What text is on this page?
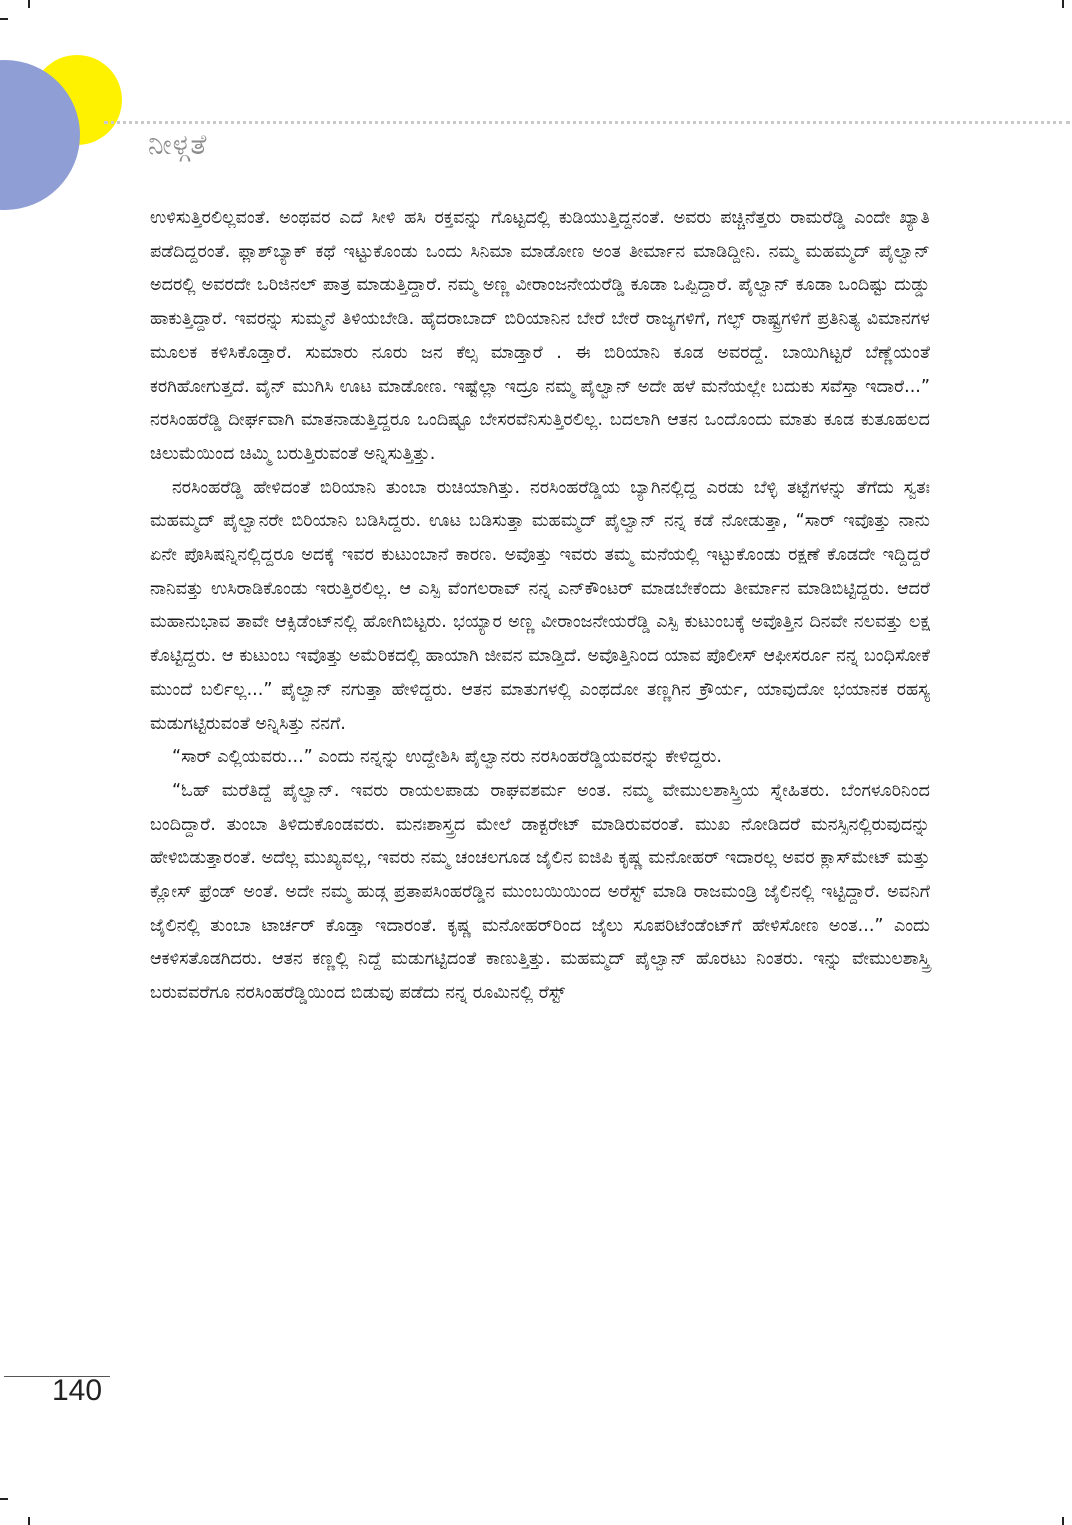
ನೀಳ್ಗತೆ

ಉಳಿಸುತ್ತಿರಲಿಲ್ಲವಂತೆ. ಅಂಥವರ ಎದೆ ಸೀಳಿ ಹಸಿ ರಕ್ತವನ್ನು ಗೊಟ್ಟದಲ್ಲಿ ಕುಡಿಯುತ್ತಿದ್ದನಂತೆ. ಅವರು ಪಚ್ಚಿನೆತ್ತರು ರಾಮರೆಡ್ಡಿ ಎಂದೇ ಖ್ಯಾತಿ ಪಡೆದಿದ್ದರಂತೆ. ಫ್ಲಾಶ್‌ಬ್ಯಾಕ್ ಕಥೆ ಇಟ್ಟುಕೊಂಡು ಒಂದು ಸಿನಿಮಾ ಮಾಡೋಣ ಅಂತ ತೀರ್ಮಾನ ಮಾಡಿದ್ದೀನಿ. ನಮ್ಮ ಮಹಮ್ಮದ್ ಪೈಲ್ವಾನ್ ಅದರಲ್ಲಿ ಅವರದೇ ಒರಿಜಿನಲ್ ಪಾತ್ರ ಮಾಡುತ್ತಿದ್ದಾರೆ. ನಮ್ಮ ಅಣ್ಣ ವೀರಾಂಜನೇಯರೆಡ್ಡಿ ಕೂಡಾ ಒಪ್ಪಿದ್ದಾರೆ. ಪೈಲ್ವಾನ್ ಕೂಡಾ ಒಂದಿಷ್ಟು ದುಡ್ಡು ಹಾಕುತ್ತಿದ್ದಾರೆ. ಇವರನ್ನು ಸುಮ್ಮನೆ ತಿಳಿಯಬೇಡಿ. ಹೈದರಾಬಾದ್ ಬಿರಿಯಾನಿನ ಬೇರೆ ಬೇರೆ ರಾಜ್ಯಗಳಿಗೆ, ಗಲ್ಫ್ ರಾಷ್ಟ್ರಗಳಿಗೆ ಪ್ರತಿನಿತ್ಯ ವಿಮಾನಗಳ ಮೂಲಕ ಕಳಿಸಿಕೊಡ್ತಾರೆ. ಸುಮಾರು ನೂರು ಜನ ಕೆಲ್ಸ ಮಾಡ್ತಾರೆ . ಈ ಬಿರಿಯಾನಿ ಕೂಡ ಅವರದ್ದೆ. ಬಾಯಿಗಿಟ್ಟರೆ ಬೆಣ್ಣೆಯಂತೆ ಕರಗಿಹೋಗುತ್ತದೆ. ವೈನ್ ಮುಗಿಸಿ ಊಟ ಮಾಡೋಣ. ಇಷ್ಟೆಲ್ಲಾ ಇದ್ರೂ ನಮ್ಮ ಪೈಲ್ವಾನ್ ಅದೇ ಹಳೆ ಮನೆಯಲ್ಲೇ ಬದುಕು ಸವೆಸ್ತಾ ಇದಾರೆ...” ನರಸಿಂಹರೆಡ್ಡಿ ದೀರ್ಘವಾಗಿ ಮಾತನಾಡುತ್ತಿದ್ದರೂ ಒಂದಿಷ್ಟೂ ಬೇಸರವೆನಿಸುತ್ತಿರಲಿಲ್ಲ. ಬದಲಾಗಿ ಆತನ ಒಂದೊಂದು ಮಾತು ಕೂಡ ಕುತೂಹಲದ ಚಿಲುಮೆಯಿಂದ ಚಿಮ್ಮಿ ಬರುತ್ತಿರುವಂತೆ ಅನ್ನಿಸುತ್ತಿತ್ತು.

ನರಸಿಂಹರೆಡ್ಡಿ ಹೇಳಿದಂತೆ ಬಿರಿಯಾನಿ ತುಂಬಾ ರುಚಿಯಾಗಿತ್ತು. ನರಸಿಂಹರೆಡ್ಡಿಯ ಬ್ಯಾಗಿನಲ್ಲಿದ್ದ ಎರಡು ಬೆಳ್ಳಿ ತಟ್ಟೆಗಳನ್ನು ತೆಗೆದು ಸ್ವತಃ ಮಹಮ್ಮದ್ ಪೈಲ್ವಾನರೇ ಬಿರಿಯಾನಿ ಬಡಿಸಿದ್ದರು. ಊಟ ಬಡಿಸುತ್ತಾ ಮಹಮ್ಮದ್ ಪೈಲ್ವಾನ್ ನನ್ನ ಕಡೆ ನೋಡುತ್ತಾ, “ಸಾರ್ ಇವೊತ್ತು ನಾನು ಏನೇ ಪೊಸಿಷನ್ನಿನಲ್ಲಿದ್ದರೂ ಅದಕ್ಕೆ ಇವರ ಕುಟುಂಬಾನೆ ಕಾರಣ. ಅವೊತ್ತು ಇವರು ತಮ್ಮ ಮನೆಯಲ್ಲಿ ಇಟ್ಟುಕೊಂಡು ರಕ್ಷಣೆ ಕೊಡದೇ ಇದ್ದಿದ್ದರೆ ನಾನಿವತ್ತು ಉಸಿರಾಡಿಕೊಂಡು ಇರುತ್ತಿರಲಿಲ್ಲ. ಆ ಎಸ್ಪಿ ವೆಂಗಲರಾವ್ ನನ್ನ ಎನ್‌ಕೌಂಟರ್ ಮಾಡಬೇಕೆಂದು ತೀರ್ಮಾನ ಮಾಡಿಬಿಟ್ಟಿದ್ದರು. ಆದರೆ ಮಹಾನುಭಾವ ತಾವೇ ಆಕ್ಸಿಡೆಂಟ್‌ನಲ್ಲಿ ಹೋಗಿಬಿಟ್ಟರು. ಭಯ್ಯಾರ ಅಣ್ಣ ವೀರಾಂಜನೇಯರೆಡ್ಡಿ ಎಸ್ಪಿ ಕುಟುಂಬಕ್ಕೆ ಅವೊತ್ತಿನ ದಿನವೇ ನಲವತ್ತು ಲಕ್ಷ ಕೊಟ್ಟಿದ್ದರು. ಆ ಕುಟುಂಬ ಇವೊತ್ತು ಅಮೆರಿಕದಲ್ಲಿ ಹಾಯಾಗಿ ಜೀವನ ಮಾಡ್ತಿದೆ. ಅವೊತ್ತಿನಿಂದ ಯಾವ ಪೊಲೀಸ್ ಆಫೀಸರ್ರೂ ನನ್ನ ಬಂಧಿಸೋಕೆ ಮುಂದೆ ಬರ್ಲಿಲ್ಲ...” ಪೈಲ್ವಾನ್ ನಗುತ್ತಾ ಹೇಳಿದ್ದರು. ಆತನ ಮಾತುಗಳಲ್ಲಿ ಎಂಥದೋ ತಣ್ಣಗಿನ ಕ್ರೌರ್ಯ, ಯಾವುದೋ ಭಯಾನಕ ರಹಸ್ಯ ಮಡುಗಟ್ಟಿರುವಂತೆ ಅನ್ನಿಸಿತ್ತು ನನಗೆ.

“ಸಾರ್ ಎಲ್ಲಿಯವರು...” ಎಂದು ನನ್ನನ್ನು ಉದ್ದೇಶಿಸಿ ಪೈಲ್ವಾನರು ನರಸಿಂಹರೆಡ್ಡಿಯವರನ್ನು ಕೇಳಿದ್ದರು.

“ಓಹ್ ಮರೆತಿದ್ದೆ ಪೈಲ್ವಾನ್. ಇವರು ರಾಯಲಪಾಡು ರಾಘವಶರ್ಮ ಅಂತ. ನಮ್ಮ ವೇಮುಲಶಾಸ್ತ್ರಿಯ ಸ್ನೇಹಿತರು. ಬೆಂಗಳೂರಿನಿಂದ ಬಂದಿದ್ದಾರೆ. ತುಂಬಾ ತಿಳಿದುಕೊಂಡವರು. ಮನಃಶಾಸ್ತ್ರದ ಮೇಲೆ ಡಾಕ್ಟರೇಟ್ ಮಾಡಿರುವರಂತೆ. ಮುಖ ನೋಡಿದರೆ ಮನಸ್ಸಿನಲ್ಲಿರುವುದನ್ನು ಹೇಳಿಬಿಡುತ್ತಾರಂತೆ. ಅದೆಲ್ಲ ಮುಖ್ಯವಲ್ಲ, ಇವರು ನಮ್ಮ ಚಂಚಲಗೂಡ ಜೈಲಿನ ಐಜಿಪಿ ಕೃಷ್ಣ ಮನೋಹರ್ ಇದಾರಲ್ಲ ಅವರ ಕ್ಲಾಸ್‌ಮೇಟ್ ಮತ್ತು ಕ್ಲೋಸ್ ಫ್ರೆಂಡ್ ಅಂತೆ. ಅದೇ ನಮ್ಮ ಹುಡ್ಗ ಪ್ರತಾಪಸಿಂಹರೆಡ್ಡಿನ ಮುಂಬಯಿಯಿಂದ ಅರೆಸ್ಟ್ ಮಾಡಿ ರಾಜಮಂಡ್ರಿ ಜೈಲಿನಲ್ಲಿ ಇಟ್ಟಿದ್ದಾರೆ. ಅವನಿಗೆ ಜೈಲಿನಲ್ಲಿ ತುಂಬಾ ಟಾರ್ಚರ್ ಕೊಡ್ತಾ ಇದಾರಂತೆ. ಕೃಷ್ಣ ಮನೋಹರ್‌ರಿಂದ ಜೈಲು ಸೂಪರಿಟೆಂಡೆಂಟ್‌ಗೆ ಹೇಳಿಸೋಣ ಅಂತ...” ಎಂದು ಆಕಳಿಸತೊಡಗಿದರು. ಆತನ ಕಣ್ಣಲ್ಲಿ ನಿದ್ದೆ ಮಡುಗಟ್ಟಿದಂತೆ ಕಾಣುತ್ತಿತ್ತು. ಮಹಮ್ಮದ್ ಪೈಲ್ವಾನ್ ಹೊರಟು ನಿಂತರು. ಇನ್ನು ವೇಮುಲಶಾಸ್ತ್ರಿ ಬರುವವರೆಗೂ ನರಸಿಂಹರೆಡ್ಡಿಯಿಂದ ಬಿಡುವು ಪಡೆದು ನನ್ನ ರೂಮಿನಲ್ಲಿ ರೆಸ್ಟ್

140
